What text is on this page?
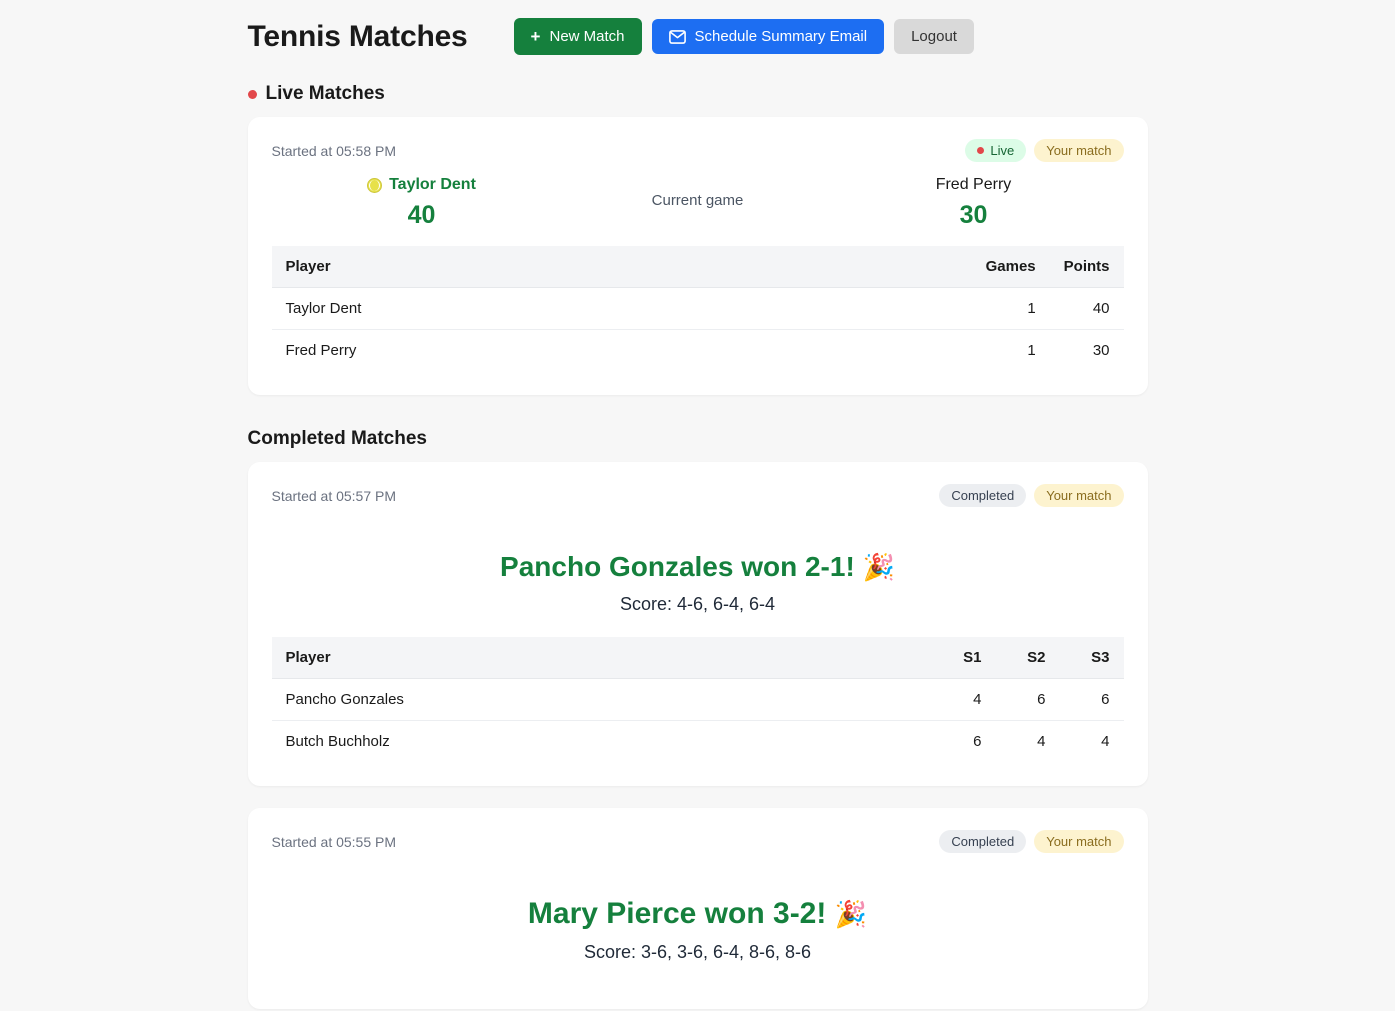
Tennis Matches	+ New Match	Schedule Summary Email	Logout
Live Matches
Started at 05:58 PM	Live	Your match
Taylor Dent
40
Current game
Fred Perry
30
Player	Games	Points
Taylor Dent	1	40
Fred Perry	1	30
Completed Matches
Started at 05:57 PM	Completed	Your match
Pancho Gonzales won 2-1! 🎉
Score: 4-6, 6-4, 6-4
Player	S1	S2	S3
Pancho Gonzales	4	6	6
Butch Buchholz	6	4	4
Started at 05:55 PM	Completed	Your match
Mary Pierce won 3-2! 🎉
Score: 3-6, 3-6, 6-4, 8-6, 8-6
